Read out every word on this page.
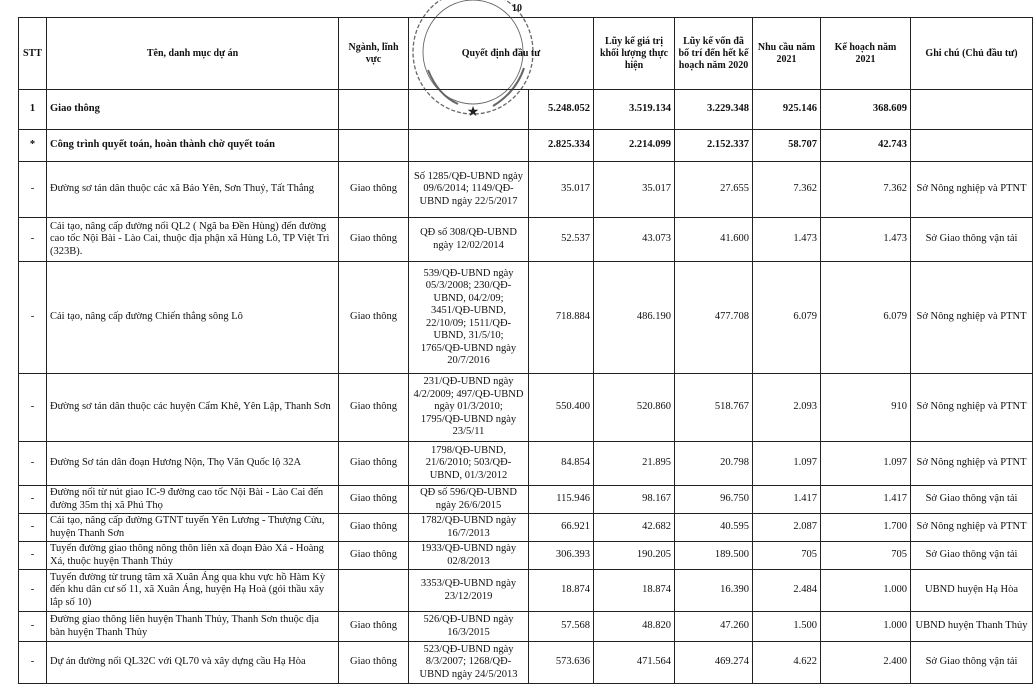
10
STT	Tên, danh mục dự án	Ngành, lĩnh vực	Quyết định đầu tư		Lũy kế giá trị khối lượng thực hiện	Lũy kế vốn đã bố trí đến hết kế hoạch năm 2020	Nhu cầu năm 2021	Kế hoạch năm 2021	Ghi chú (Chủ đầu tư)
1	Giao thông			5.248.052	3.519.134	3.229.348	925.146	368.609	
*	Công trình quyết toán, hoàn thành chờ quyết toán			2.825.334	2.214.099	2.152.337	58.707	42.743	
-	Đường sơ tán dân thuộc các xã Bảo Yên, Sơn Thuỷ, Tất Thắng	Giao thông	Số 1285/QĐ-UBND ngày 09/6/2014; 1149/QĐ-UBND ngày 22/5/2017	35.017	35.017	27.655	7.362	7.362	Sở Nông nghiệp và PTNT
-	Cải tạo, nâng cấp đường nối QL2 ( Ngã ba Đền Hùng) đến đường cao tốc Nội Bài - Lào Cai, thuộc địa phận xã Hùng Lô, TP Việt Trì (323B).	Giao thông	QĐ số 308/QĐ-UBND ngày 12/02/2014	52.537	43.073	41.600	1.473	1.473	Sở Giao thông vận tải
-	Cải tạo, nâng cấp đường Chiến thắng sông Lô	Giao thông	539/QĐ-UBND ngày 05/3/2008; 230/QĐ-UBND, 04/2/09; 3451/QĐ-UBND, 22/10/09; 1511/QĐ-UBND, 31/5/10; 1765/QĐ-UBND ngày 20/7/2016	718.884	486.190	477.708	6.079	6.079	Sở Nông nghiệp và PTNT
-	Đường sơ tán dân thuộc các huyện Cẩm Khê, Yên Lập, Thanh Sơn	Giao thông	231/QĐ-UBND ngày 4/2/2009; 497/QĐ-UBND ngày 01/3/2010; 1795/QĐ-UBND ngày 23/5/11	550.400	520.860	518.767	2.093	910	Sở Nông nghiệp và PTNT
-	Đường Sơ tán dân đoạn Hương Nộn, Thọ Văn Quốc lộ 32A	Giao thông	1798/QĐ-UBND, 21/6/2010; 503/QĐ-UBND, 01/3/2012	84.854	21.895	20.798	1.097	1.097	Sở Nông nghiệp và PTNT
-	Đường nối từ nút giao IC-9 đường cao tốc Nội Bài - Lào Cai đến đường 35m thị xã Phú Thọ	Giao thông	QĐ số 596/QĐ-UBND ngày 26/6/2015	115.946	98.167	96.750	1.417	1.417	Sở Giao thông vận tải
-	Cải tạo, nâng cấp đường GTNT tuyến Yên Lương - Thượng Cửu, huyện Thanh Sơn	Giao thông	1782/QĐ-UBND ngày 16/7/2013	66.921	42.682	40.595	2.087	1.700	Sở Nông nghiệp và PTNT
-	Tuyến đường giao thông nông thôn liên xã đoạn Đào Xá - Hoàng Xá, thuộc huyện Thanh Thủy	Giao thông	1933/QĐ-UBND ngày 02/8/2013	306.393	190.205	189.500	705	705	Sở Giao thông vận tải
-	Tuyến đường từ trung tâm xã Xuân Áng qua khu vực hồ Hàm Kỳ đến khu dân cư số 11, xã Xuân Áng, huyện Hạ Hoà (gói thầu xây lắp số 10)		3353/QĐ-UBND ngày 23/12/2019	18.874	18.874	16.390	2.484	1.000	UBND huyện Hạ Hòa
-	Đường giao thông liên huyện Thanh Thủy, Thanh Sơn thuộc địa bàn huyện Thanh Thủy	Giao thông	526/QĐ-UBND ngày 16/3/2015	57.568	48.820	47.260	1.500	1.000	UBND huyện Thanh Thủy
-	Dự án đường nối QL32C với QL70 và xây dựng cầu Hạ Hòa	Giao thông	523/QĐ-UBND ngày 8/3/2007; 1268/QĐ-UBND ngày 24/5/2013	573.636	471.564	469.274	4.622	2.400	Sở Giao thông vận tải
★
